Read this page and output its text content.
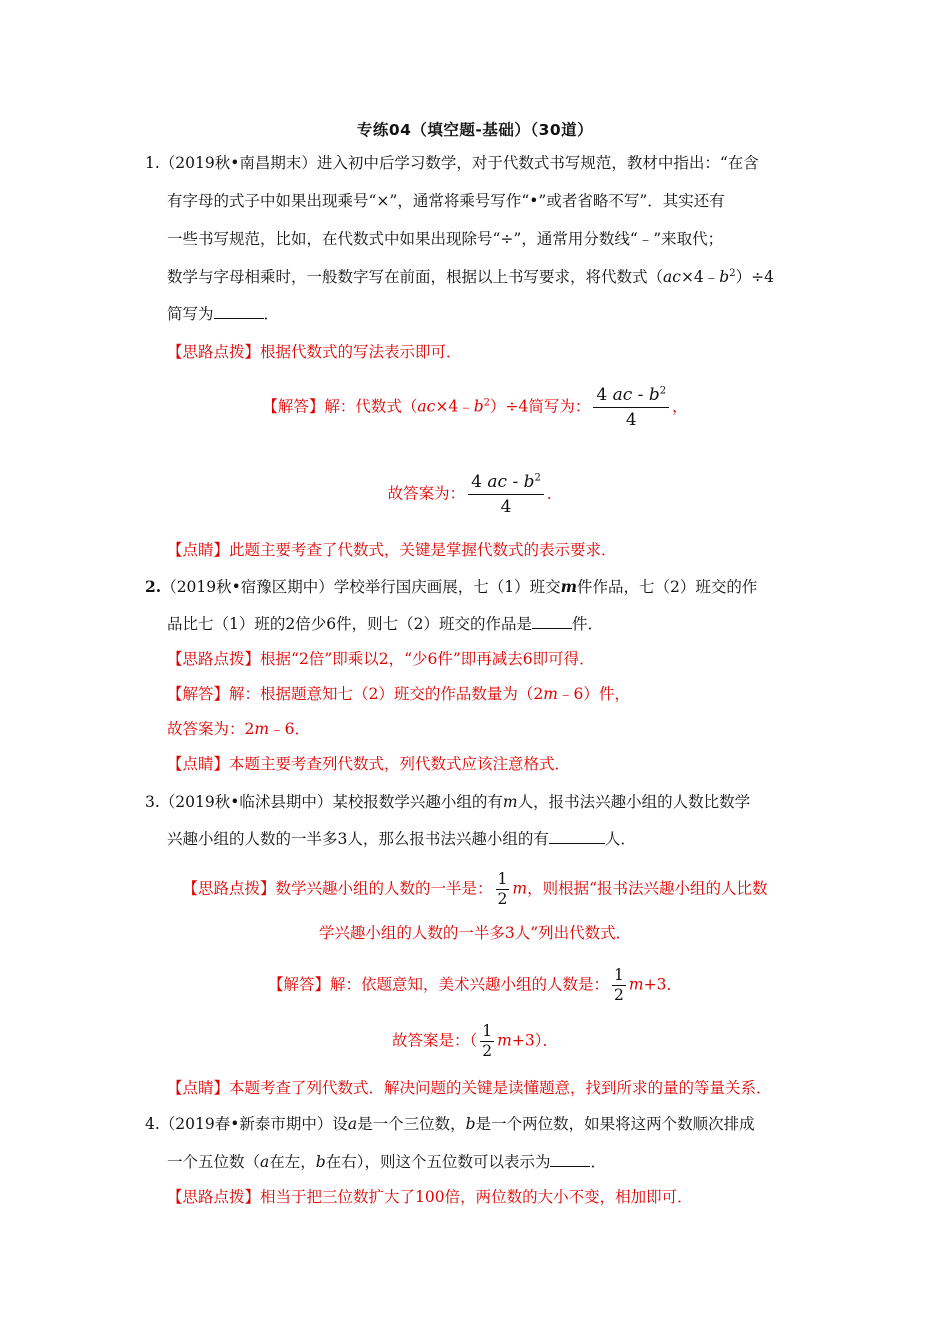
专练04（填空题-基础）（30道）
1.（2019秋•南昌期末）进入初中后学习数学，对于代数式书写规范，教材中指出：“在含
有字母的式子中如果出现乘号“×”，通常将乘号写作“•”或者省略不写”．其实还有
一些书写规范，比如，在代数式中如果出现除号“÷”，通常用分数线“﹣”来取代；
数学与字母相乘时，一般数字写在前面，根据以上书写要求，将代数式$(ac\times 4﹣b^2)\div 4$
简写为	．
【思路点拨】根据代数式的写法表示即可．
【解答】解：代数式$(ac\times 4﹣b^2)\div 4$简写为： $\frac{4 ac - b^2}{4}$ ，
故答案为： $\frac{4 ac - b^2}{4}$ ．
【点睛】此题主要考查了代数式，关键是掌握代数式的表示要求．
2.（2019秋•宿豫区期中）学校举行国庆画展，七（1）班交m件作品，七（2）班交的作
品比七（1）班的2倍少6件，则七（2）班交的作品是	件．
【思路点拨】根据“2倍”即乘以2，“少6件”即再减去6即可得．
【解答】解：根据题意知七（2）班交的作品数量为（2m﹣6）件，
故答案为：2m﹣6．
【点睛】本题主要考查列代数式，列代数式应该注意格式．
3.（2019秋•临沭县期中）某校报数学兴趣小组的有m人，报书法兴趣小组的人数比数学
兴趣小组的人数的一半多3人，那么报书法兴趣小组的有	人．
【思路点拨】数学兴趣小组的人数的一半是： $\frac{1}{2}$ m，则根据“报书法兴趣小组的人比数
学兴趣小组的人数的一半多3人”列出代数式．
【解答】解：依题意知，美术兴趣小组的人数是： $\frac{1}{2} m+3$．
故答案是：（ $\frac{1}{2} m+3$）．
【点睛】本题考查了列代数式．解决问题的关键是读懂题意，找到所求的量的等量关系．
4.（2019春•新泰市期中）设a是一个三位数，b是一个两位数，如果将这两个数顺次排成
一个五位数（a在左，b在右），则这个五位数可以表示为	．
【思路点拨】相当于把三位数扩大了100倍，两位数的大小不变，相加即可．
